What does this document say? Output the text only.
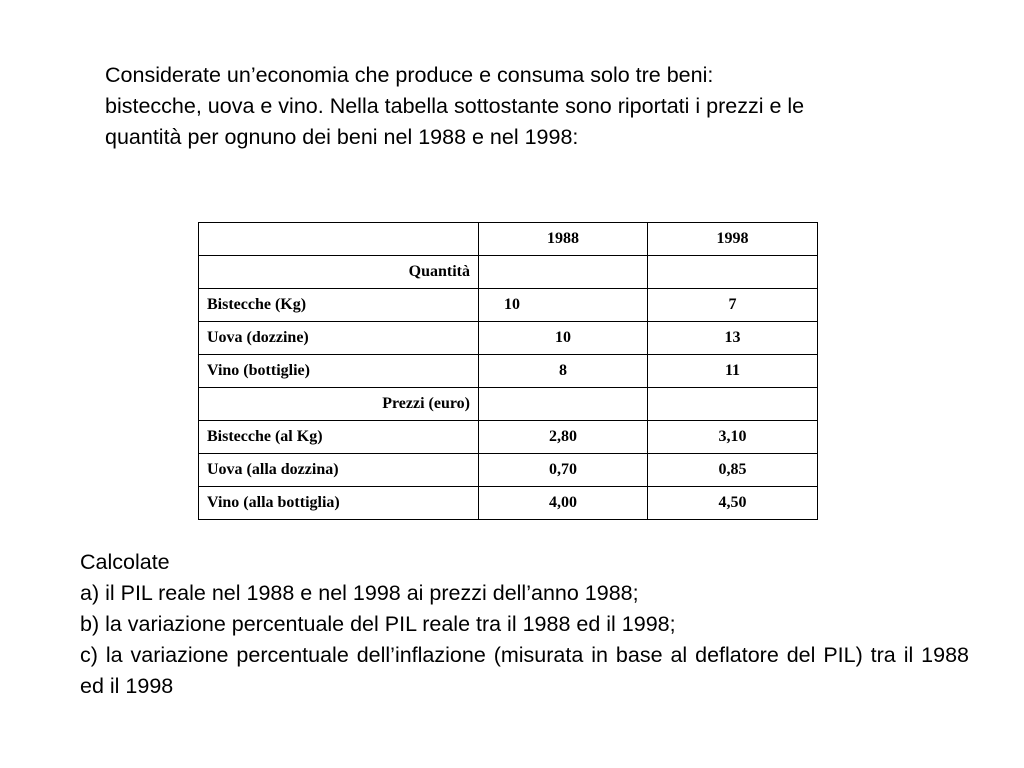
Considerate un’economia che produce e consuma solo tre beni:
bistecche, uova e vino. Nella tabella sottostante sono riportati i prezzi e le
quantità per ognuno dei beni nel 1988 e nel 1998:
	1988	1998
Quantità		
Bistecche (Kg)	10	7
Uova (dozzine)	10	13
Vino (bottiglie)	8	11
Prezzi (euro)		
Bistecche (al Kg)	2,80	3,10
Uova (alla dozzina)	0,70	0,85
Vino (alla bottiglia)	4,00	4,50
Calcolate
a) il PIL reale nel 1988 e nel 1998 ai prezzi dell’anno 1988;
b) la variazione percentuale del PIL reale tra il 1988 ed il 1998;
c) la variazione percentuale dell’inflazione (misurata in base al deflatore del PIL) tra il 1988 ed il 1998
